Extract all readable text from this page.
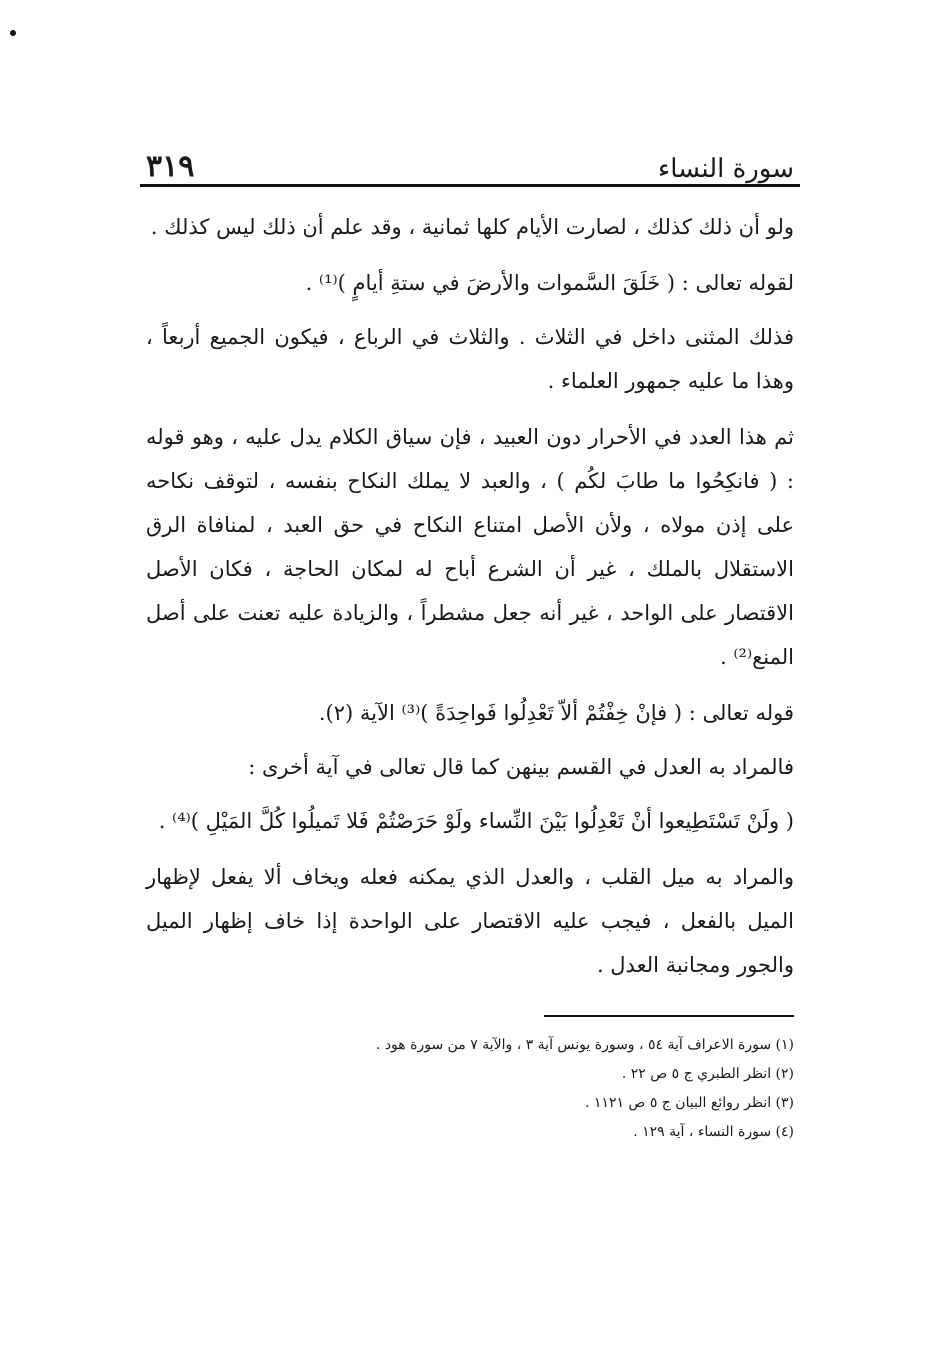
سورة النساء
٣١٩

ولو أن ذلك كذلك ، لصارت الأيام كلها ثمانية ، وقد علم أن ذلك ليس كذلك .

لقوله تعالى : ( خَلَقَ السَّموات والأرضَ في ستةِ أيامٍ )⁽¹⁾ .

فذلك المثنى داخل في الثلاث . والثلاث في الرباع ، فيكون الجميع أربعاً ، وهذا ما عليه جمهور العلماء .

ثم هذا العدد في الأحرار دون العبيد ، فإن سياق الكلام يدل عليه ، وهو قوله : ( فانكِحُوا ما طابَ لكُم ) ، والعبد لا يملك النكاح بنفسه ، لتوقف نكاحه على إذن مولاه ، ولأن الأصل امتناع النكاح في حق العبد ، لمنافاة الرق الاستقلال بالملك ، غير أن الشرع أباح له لمكان الحاجة ، فكان الأصل الاقتصار على الواحد ، غير أنه جعل مشطراً ، والزيادة عليه تعنت على أصل المنع⁽²⁾ .

قوله تعالى : ( فإنْ خِفْتُمْ ألاّ تَعْدِلُوا فَواحِدَةً )⁽³⁾ الآية (٢).

فالمراد به العدل في القسم بينهن كما قال تعالى في آية أخرى :

( ولَنْ تَسْتَطِيعوا أنْ تَعْدِلُوا بَيْنَ النِّساء ولَوْ حَرَصْتُمْ فَلا تَميلُوا كُلَّ المَيْلِ )⁽⁴⁾ .

والمراد به ميل القلب ، والعدل الذي يمكنه فعله ويخاف ألا يفعل لإظهار الميل بالفعل ، فيجب عليه الاقتصار على الواحدة إذا خاف إظهار الميل والجور ومجانبة العدل .

(١) سورة الاعراف آية ٥٤ ، وسورة يونس آية ٣ ، والآية ٧ من سورة هود .

(٢) انظر الطبري ج ٥ ص ٢٢ .

(٣) انظر روائع البيان ج ٥ ص ١١٢١ .

(٤) سورة النساء ، آية ١٢٩ .
